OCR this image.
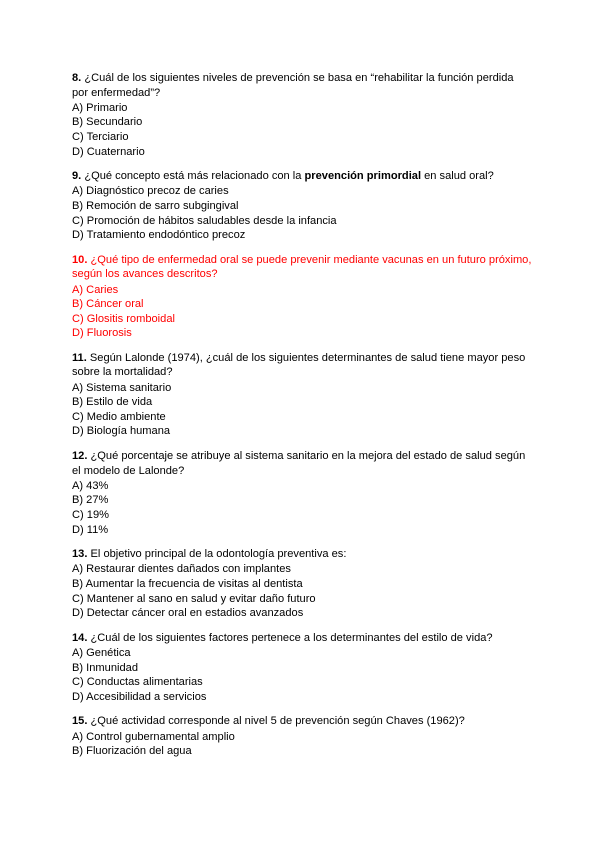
8. ¿Cuál de los siguientes niveles de prevención se basa en “rehabilitar la función perdida por enfermedad”?

A) Primario

B) Secundario

C) Terciario

D) Cuaternario

9. ¿Qué concepto está más relacionado con la prevención primordial en salud oral?

A) Diagnóstico precoz de caries

B) Remoción de sarro subgingival

C) Promoción de hábitos saludables desde la infancia

D) Tratamiento endodóntico precoz

10. ¿Qué tipo de enfermedad oral se puede prevenir mediante vacunas en un futuro próximo, según los avances descritos?

A) Caries

B) Cáncer oral

C) Glositis romboidal

D) Fluorosis

11. Según Lalonde (1974), ¿cuál de los siguientes determinantes de salud tiene mayor peso sobre la mortalidad?

A) Sistema sanitario

B) Estilo de vida

C) Medio ambiente

D) Biología humana

12. ¿Qué porcentaje se atribuye al sistema sanitario en la mejora del estado de salud según el modelo de Lalonde?

A) 43%

B) 27%

C) 19%

D) 11%

13. El objetivo principal de la odontología preventiva es:

A) Restaurar dientes dañados con implantes

B) Aumentar la frecuencia de visitas al dentista

C) Mantener al sano en salud y evitar daño futuro

D) Detectar cáncer oral en estadios avanzados

14. ¿Cuál de los siguientes factores pertenece a los determinantes del estilo de vida?

A) Genética

B) Inmunidad

C) Conductas alimentarias

D) Accesibilidad a servicios

15. ¿Qué actividad corresponde al nivel 5 de prevención según Chaves (1962)?

A) Control gubernamental amplio

B) Fluorización del agua
